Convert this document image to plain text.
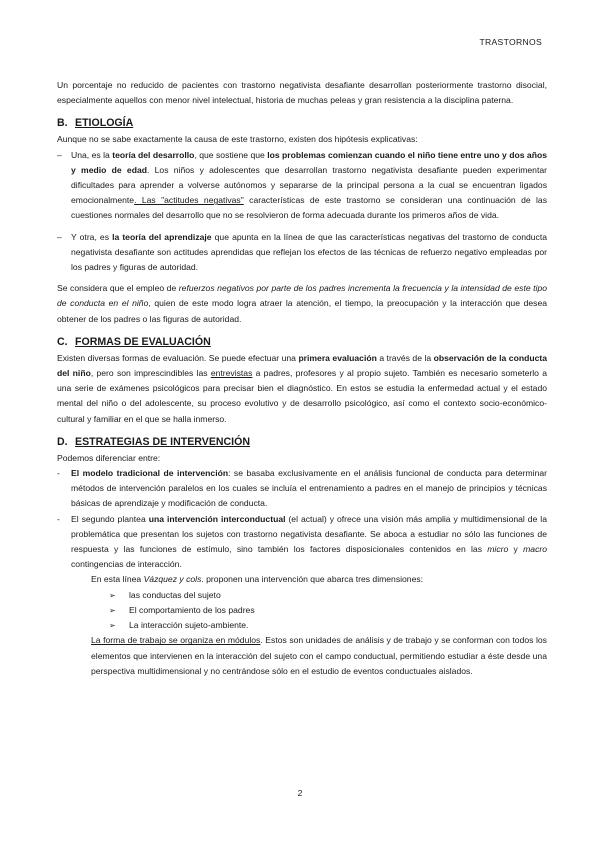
TRASTORNOS

Un porcentaje no reducido de pacientes con trastorno negativista desafiante desarrollan posteriormente trastorno disocial, especialmente aquellos con menor nivel intelectual, historia de muchas peleas y gran resistencia a la disciplina paterna.

B. ETIOLOGÍA

Aunque no se sabe exactamente la causa de este trastorno, existen dos hipótesis explicativas:

– Una, es la teoría del desarrollo, que sostiene que los problemas comienzan cuando el niño tiene entre uno y dos años y medio de edad. Los niños y adolescentes que desarrollan trastorno negativista desafiante pueden experimentar dificultades para aprender a volverse autónomos y separarse de la principal persona a la cual se encuentran ligados emocionalmente. Las "actitudes negativas" características de este trastorno se consideran una continuación de las cuestiones normales del desarrollo que no se resolvieron de forma adecuada durante los primeros años de vida.
– Y otra, es la teoría del aprendizaje que apunta en la línea de que las características negativas del trastorno de conducta negativista desafiante son actitudes aprendidas que reflejan los efectos de las técnicas de refuerzo negativo empleadas por los padres y figuras de autoridad.

Se considera que el empleo de refuerzos negativos por parte de los padres incrementa la frecuencia y la intensidad de este tipo de conducta en el niño, quien de este modo logra atraer la atención, el tiempo, la preocupación y la interacción que desea obtener de los padres o las figuras de autoridad.

C. FORMAS DE EVALUACIÓN

Existen diversas formas de evaluación. Se puede efectuar una primera evaluación a través de la observación de la conducta del niño, pero son imprescindibles las entrevistas a padres, profesores y al propio sujeto. También es necesario someterlo a una serie de exámenes psicológicos para precisar bien el diagnóstico. En estos se estudia la enfermedad actual y el estado mental del niño o del adolescente, su proceso evolutivo y de desarrollo psicológico, así como el contexto socio-económico-cultural y familiar en el que se halla inmerso.

D. ESTRATEGIAS DE INTERVENCIÓN

Podemos diferenciar entre:

- El modelo tradicional de intervención: se basaba exclusivamente en el análisis funcional de conducta para determinar métodos de intervención paralelos en los cuales se incluía el entrenamiento a padres en el manejo de principios y técnicas básicas de aprendizaje y modificación de conducta.
- El segundo plantea una intervención interconductual (el actual) y ofrece una visión más amplia y multidimensional de la problemática que presentan los sujetos con trastorno negativista desafiante. Se aboca a estudiar no sólo las funciones de respuesta y las funciones de estímulo, sino también los factores disposicionales contenidos en las micro y macro contingencias de interacción.

En esta línea Vázquez y cols. proponen una intervención que abarca tres dimensiones:

➢ las conductas del sujeto
➢ El comportamiento de los padres
➢ La interacción sujeto-ambiente.

La forma de trabajo se organiza en módulos. Estos son unidades de análisis y de trabajo y se conforman con todos los elementos que intervienen en la interacción del sujeto con el campo conductual, permitiendo estudiar a éste desde una perspectiva multidimensional y no centrándose sólo en el estudio de eventos conductuales aislados.

2
